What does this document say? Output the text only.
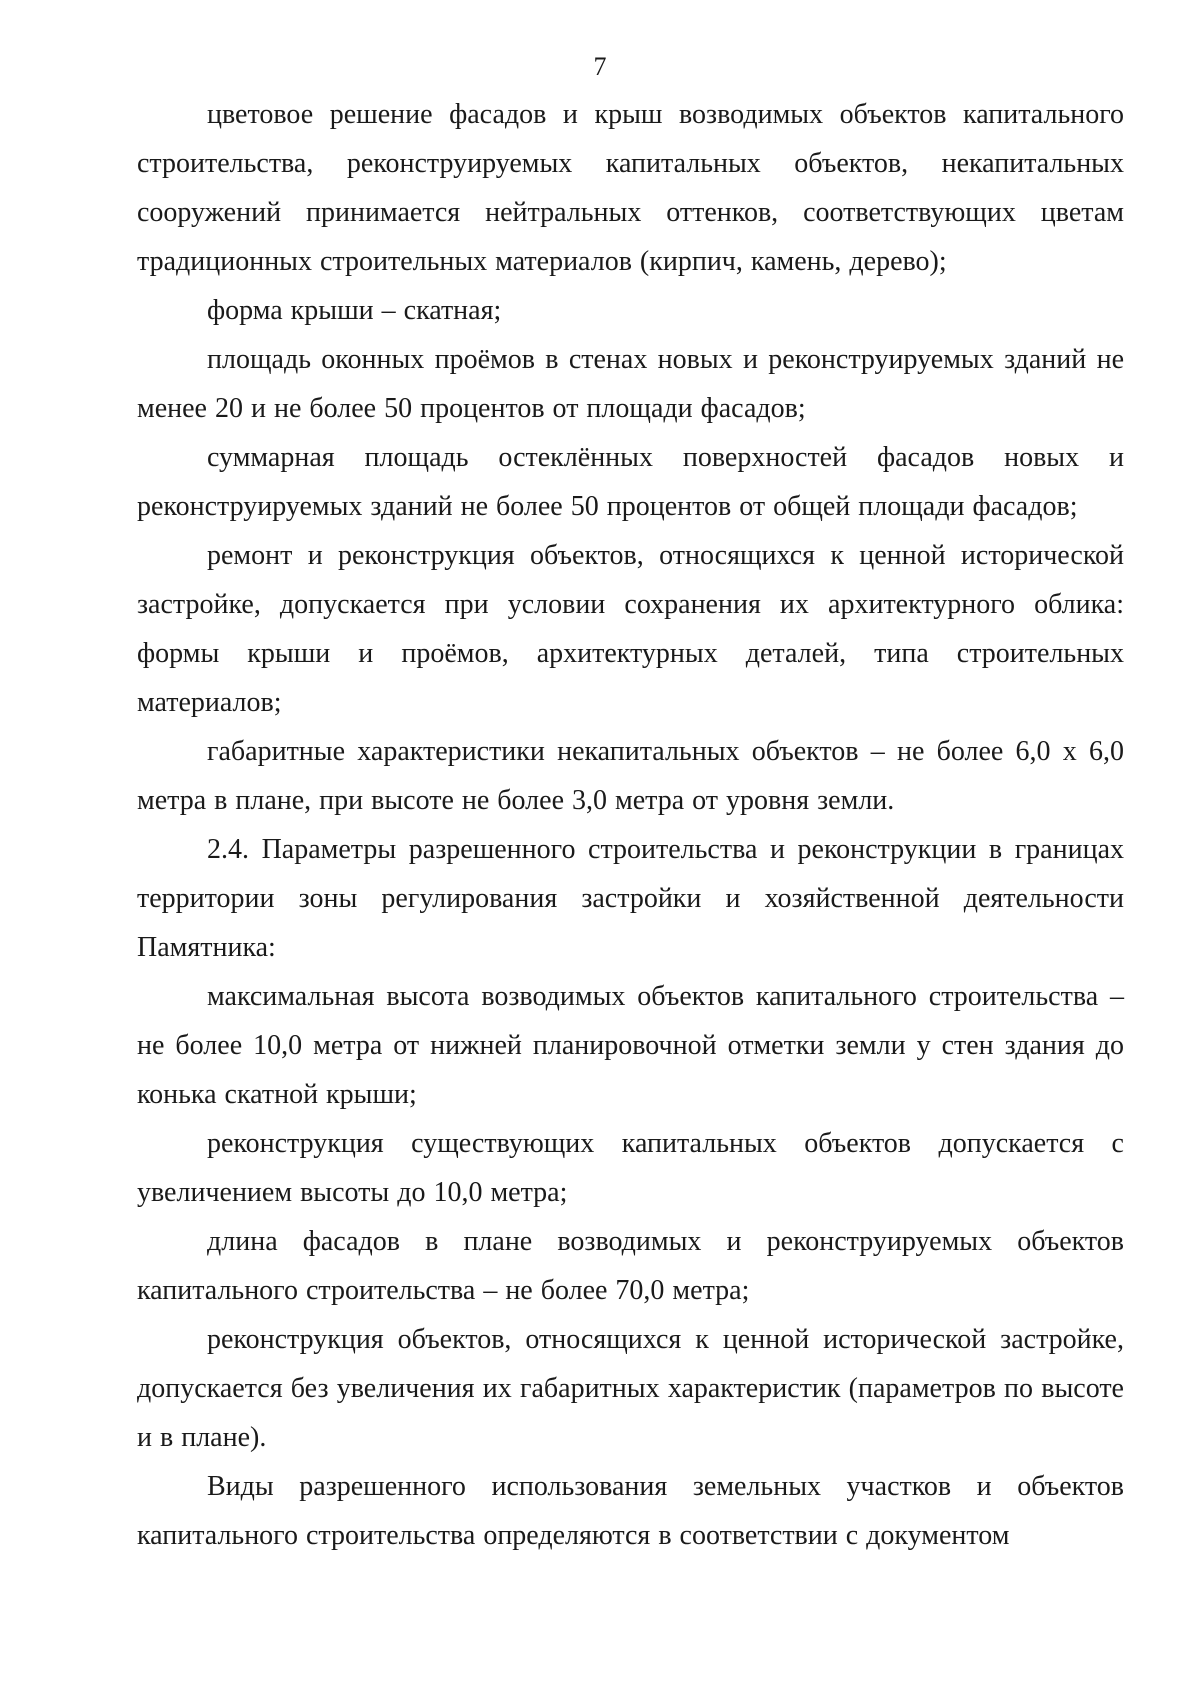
7

цветовое решение фасадов и крыш возводимых объектов капитального строительства, реконструируемых капитальных объектов, некапитальных сооружений принимается нейтральных оттенков, соответствующих цветам традиционных строительных материалов (кирпич, камень, дерево);

форма крыши – скатная;

площадь оконных проёмов в стенах новых и реконструируемых зданий не менее 20 и не более 50 процентов от площади фасадов;

суммарная площадь остеклённых поверхностей фасадов новых и реконструируемых зданий не более 50 процентов от общей площади фасадов;

ремонт и реконструкция объектов, относящихся к ценной исторической застройке, допускается при условии сохранения их архитектурного облика: формы крыши и проёмов, архитектурных деталей, типа строительных материалов;

габаритные характеристики некапитальных объектов – не более 6,0 х 6,0 метра в плане, при высоте не более 3,0 метра от уровня земли.

2.4. Параметры разрешенного строительства и реконструкции в границах территории зоны регулирования застройки и хозяйственной деятельности Памятника:

максимальная высота возводимых объектов капитального строительства – не более 10,0 метра от нижней планировочной отметки земли у стен здания до конька скатной крыши;

реконструкция существующих капитальных объектов допускается с увеличением высоты до 10,0 метра;

длина фасадов в плане возводимых и реконструируемых объектов капитального строительства – не более 70,0 метра;

реконструкция объектов, относящихся к ценной исторической застройке, допускается без увеличения их габаритных характеристик (параметров по высоте и в плане).

Виды разрешенного использования земельных участков и объектов капитального строительства определяются в соответствии с документом
